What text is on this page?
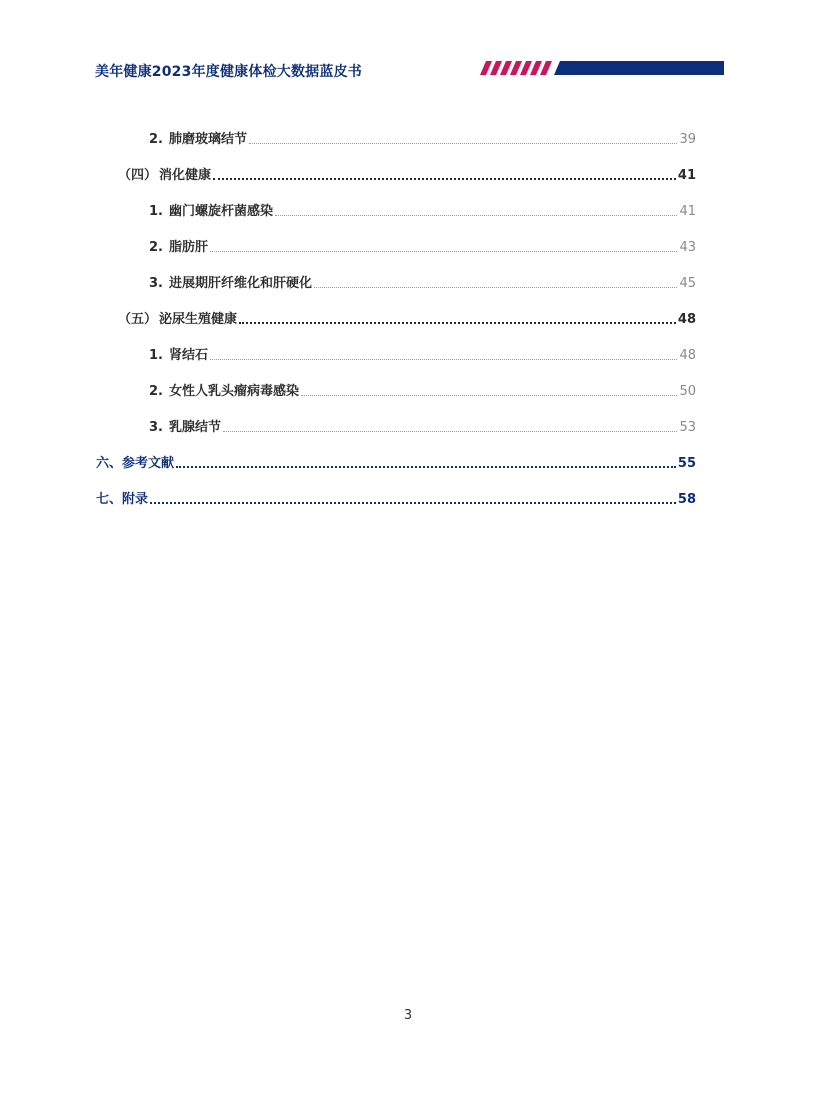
美年健康2023年度健康体检大数据蓝皮书
2. 肺磨玻璃结节	39
（四） 消化健康	41
1. 幽门螺旋杆菌感染	41
2. 脂肪肝	43
3. 进展期肝纤维化和肝硬化	45
（五） 泌尿生殖健康	48
1. 肾结石	48
2. 女性人乳头瘤病毒感染	50
3. 乳腺结节	53
六、参考文献	55
七、附录	58
3
